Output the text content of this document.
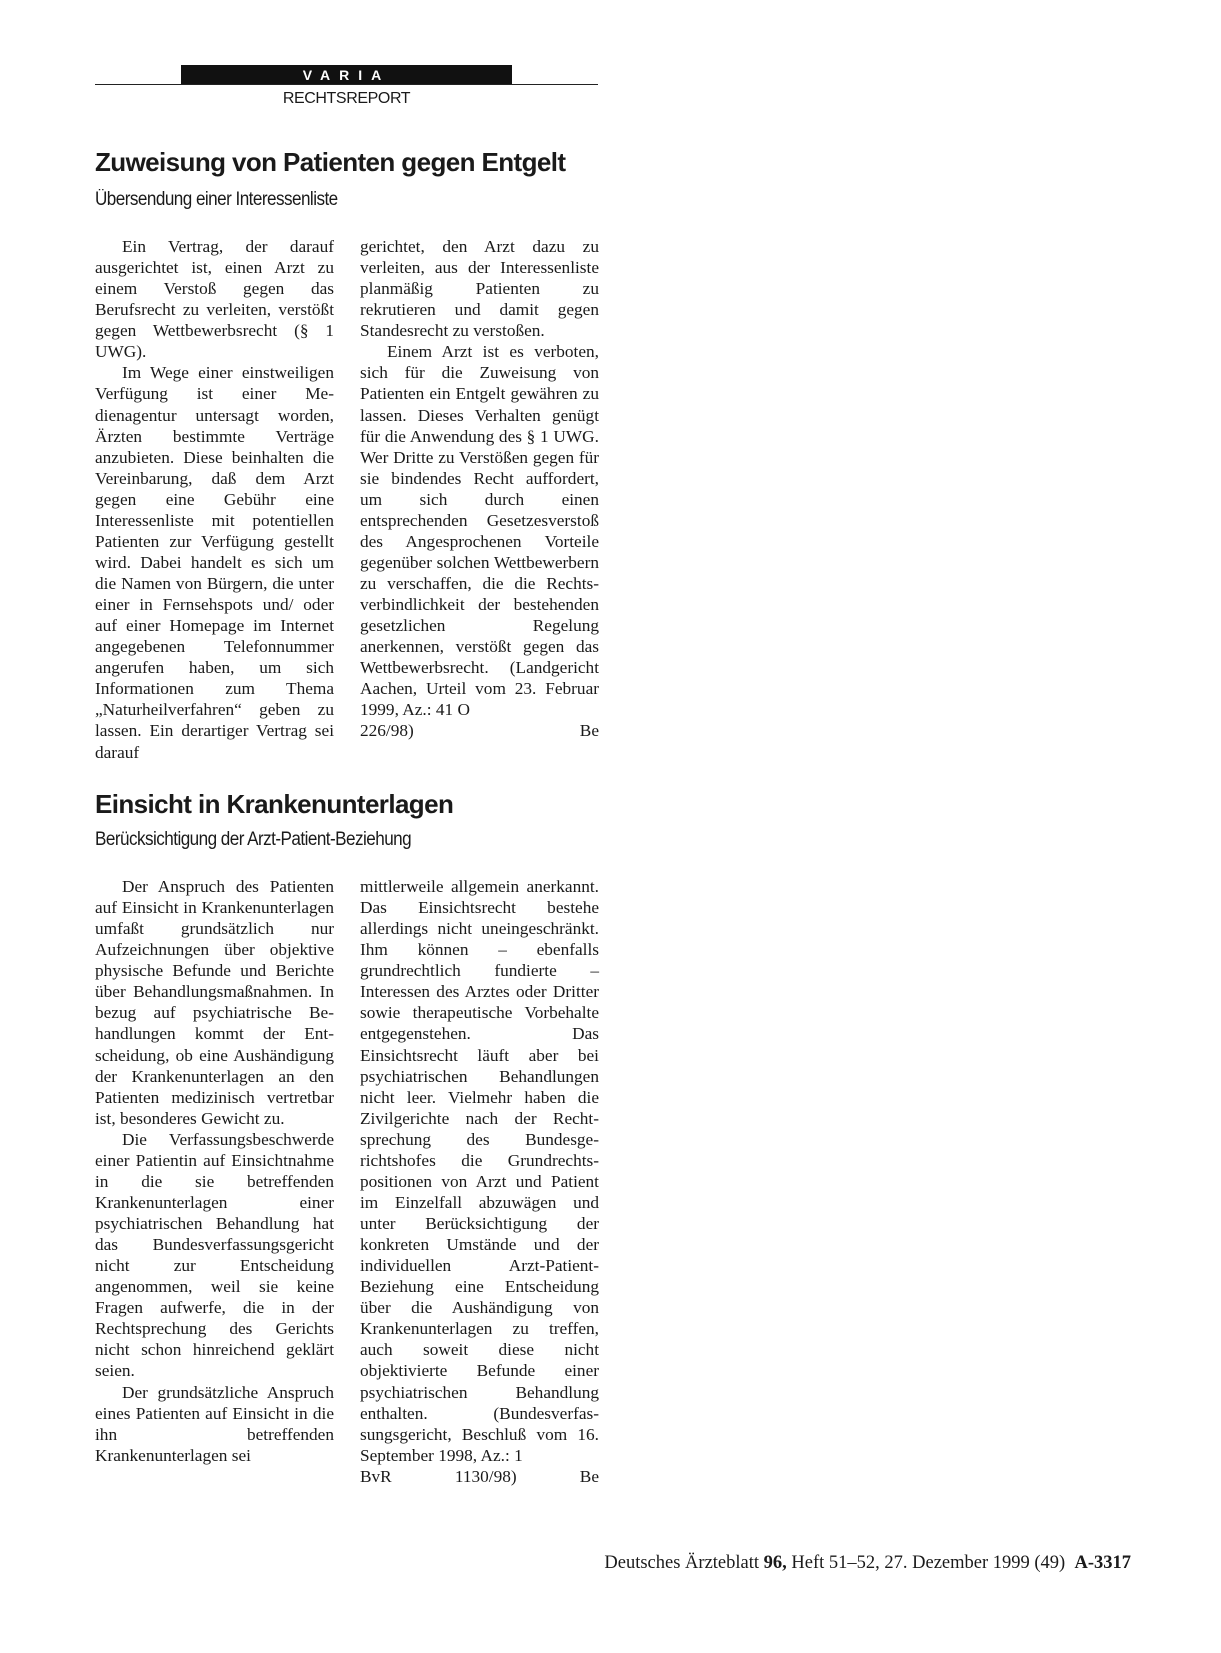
VARIA
RECHTSREPORT
Zuweisung von Patienten gegen Entgelt
Übersendung einer Interessenliste

Ein Vertrag, der darauf ausgerichtet ist, einen Arzt zu einem Verstoß gegen das Berufsrecht zu verleiten, verstößt gegen Wettbewerbsrecht (§ 1 UWG).

Im Wege einer einstweiligen Verfügung ist einer Medienagentur untersagt worden, Ärzten bestimmte Verträge anzubieten. Diese beinhalten die Vereinbarung, daß dem Arzt gegen eine Gebühr eine Interessenliste mit potentiellen Patienten zur Verfügung gestellt wird. Dabei handelt es sich um die Namen von Bürgern, die unter einer in Fernsehspots und/ oder auf einer Homepage im Internet angegebenen Telefonnummer angerufen haben, um sich Informationen zum Thema „Naturheilverfahren“ geben zu lassen. Ein derartiger Vertrag sei darauf

gerichtet, den Arzt dazu zu verleiten, aus der Interessenliste planmäßig Patienten zu rekrutieren und damit gegen Standesrecht zu verstoßen.

Einem Arzt ist es verboten, sich für die Zuweisung von Patienten ein Entgelt gewähren zu lassen. Dieses Verhalten genügt für die Anwendung des § 1 UWG. Wer Dritte zu Verstößen gegen für sie bindendes Recht auffordert, um sich durch einen entsprechenden Gesetzesverstoß des Angesprochenen Vorteile gegenüber solchen Wettbewerbern zu verschaffen, die die Rechtsverbindlichkeit der bestehenden gesetzlichen Regelung anerkennen, verstößt gegen das Wettbewerbsrecht. (Landgericht Aachen, Urteil vom 23. Februar 1999, Az.: 41 O

226/98)	Be
Einsicht in Krankenunterlagen
Berücksichtigung der Arzt-Patient-Beziehung

Der Anspruch des Patienten auf Einsicht in Krankenunterlagen umfaßt grundsätzlich nur Aufzeichnungen über objektive physische Befunde und Berichte über Behandlungsmaßnahmen. In bezug auf psychiatrische Behandlungen kommt der Entscheidung, ob eine Aushändigung der Krankenunterlagen an den Patienten medizinisch vertretbar ist, besonderes Gewicht zu.

Die Verfassungsbeschwerde einer Patientin auf Einsichtnahme in die sie betreffenden Krankenunterlagen einer psychiatrischen Behandlung hat das Bundesverfassungsgericht nicht zur Entscheidung angenommen, weil sie keine Fragen aufwerfe, die in der Rechtsprechung des Gerichts nicht schon hinreichend geklärt seien.

Der grundsätzliche Anspruch eines Patienten auf Einsicht in die ihn betreffenden Krankenunterlagen sei

mittlerweile allgemein anerkannt. Das Einsichtsrecht bestehe allerdings nicht uneingeschränkt. Ihm können – ebenfalls grundrechtlich fundierte – Interessen des Arztes oder Dritter sowie therapeutische Vorbehalte entgegenstehen. Das Einsichtsrecht läuft aber bei psychiatrischen Behandlungen nicht leer. Vielmehr haben die Zivilgerichte nach der Rechtsprechung des Bundesgerichtshofes die Grundrechtspositionen von Arzt und Patient im Einzelfall abzuwägen und unter Berücksichtigung der konkreten Umstände und der individuellen Arzt-Patient-Beziehung eine Entscheidung über die Aushändigung von Krankenunterlagen zu treffen, auch soweit diese nicht objektivierte Befunde einer psychiatrischen Behandlung enthalten. (Bundesverfassungsgericht, Beschluß vom 16. September 1998, Az.: 1

BvR 1130/98)	Be
Deutsches Ärzteblatt 96, Heft 51–52, 27. Dezember 1999 (49) A-3317
